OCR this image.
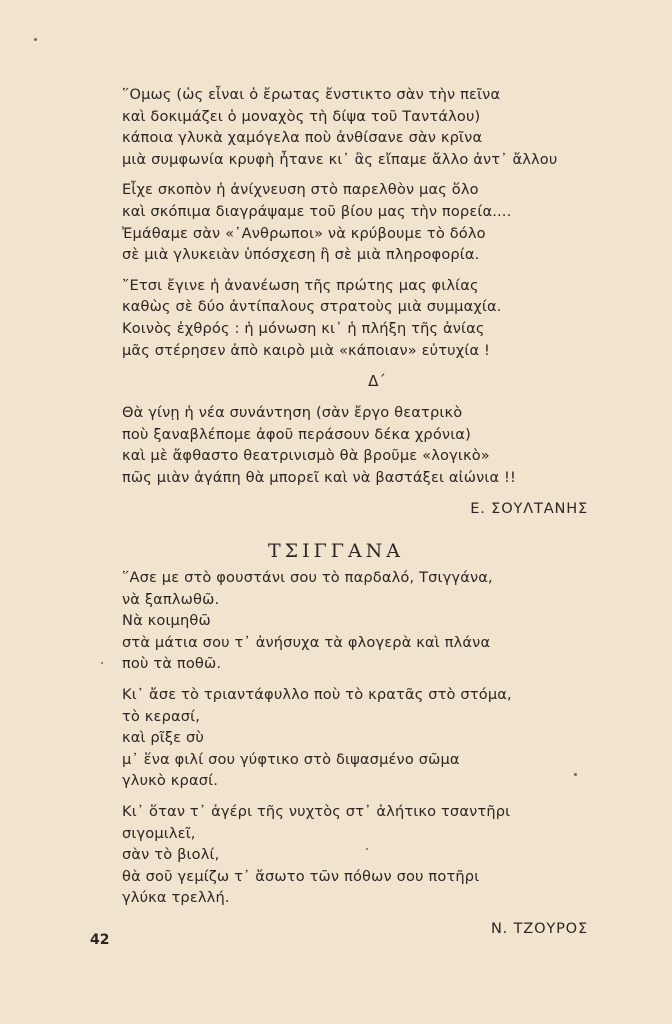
῞Ομως (ὡς εἶναι ὁ ἔρωτας ἔνστικτο σὰν τὴν πεῖνα
καὶ δοκιμάζει ὁ μοναχὸς τὴ δίψα τοῦ Ταντάλου)
κάποια γλυκὰ χαμόγελα ποὺ ἀνθίσανε σὰν κρῖνα
μιὰ συμφωνία κρυφὴ ἦτανε κι᾽ ἂς εἴπαμε ἄλλο ἀντ᾽ ἄλλου
Εἶχε σκοπὸν ἡ ἀνίχνευση στὸ παρελθὸν μας ὅλο
καὶ σκόπιμα διαγράψαμε τοῦ βίου μας τὴν πορεία....
Ἐμάθαμε σὰν «᾽Ανθρωποι» νὰ κρύβουμε τὸ δόλο
σὲ μιὰ γλυκειὰν ὑπόσχεση ἢ σὲ μιὰ πληροφορία.
῎Ετσι ἔγινε ἡ ἀνανέωση τῆς πρώτης μας φιλίας
καθὼς σὲ δύο ἀντίπαλους στρατοὺς μιὰ συμμαχία.
Κοινὸς ἐχθρός : ἡ μόνωση κι᾽ ἡ πλήξη τῆς ἀνίας
μᾶς στέρησεν ἀπὸ καιρὸ μιὰ «κάποιαν» εὐτυχία !
Δ΄
Θὰ γίνῃ ἡ νέα συνάντηση (σὰν ἔργο θεατρικὸ
ποὺ ξαναβλέπομε ἀφοῦ περάσουν δέκα χρόνια)
καὶ μὲ ἄφθαστο θεατρινισμὸ θὰ βροῦμε «λογικὸ»
πῶς μιὰν ἀγάπη θὰ μπορεῖ καὶ νὰ βαστάξει αἰώνια !!
Ε. ΣΟΥΛΤΑΝΗΣ
ΤΣΙΓΓΑΝΑ
῞Ασε με στὸ φουστάνι σου τὸ παρδαλό, Τσιγγάνα,
νὰ ξαπλωθῶ.
Νὰ κοιμηθῶ
στὰ μάτια σου τ᾽ ἀνήσυχα τὰ φλογερὰ καὶ πλάνα
ποὺ τὰ ποθῶ.
Κι᾽ ἄσε τὸ τριαντάφυλλο ποὺ τὸ κρατᾶς στὸ στόμα,
τὸ κερασί,
καὶ ρῖξε σὺ
μ᾽ ἕνα φιλί σου γύφτικο στὸ διψασμένο σῶμα
γλυκὸ κρασί.
Κι᾽ ὅταν τ᾽ ἀγέρι τῆς νυχτὸς στ᾽ ἀλήτικο τσαντῆρι
σιγομιλεῖ,
σὰν τὸ βιολί,
θὰ σοῦ γεμίζω τ᾽ ἄσωτο τῶν πόθων σου ποτῆρι
γλύκα τρελλή.
Ν. ΤΖΟΥΡΟΣ
42
